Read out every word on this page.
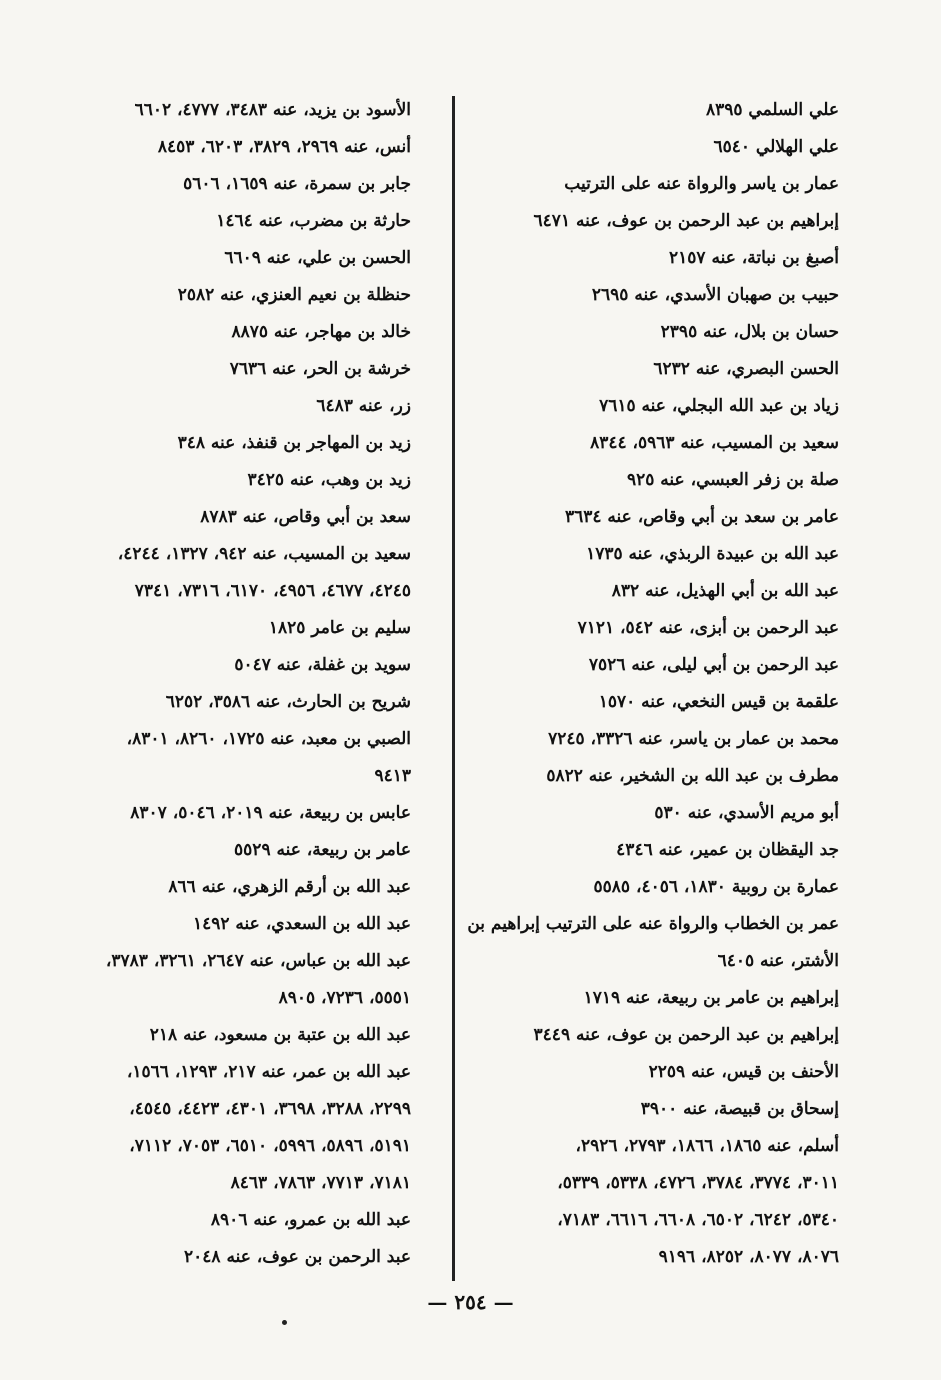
علي السلمي ٨٣٩٥
علي الهلالي ٦٥٤٠
عمار بن ياسر والرواة عنه على الترتيب
إبراهيم بن عبد الرحمن بن عوف، عنه ٦٤٧١
أصبغ بن نباتة، عنه ٢١٥٧
حبيب بن صهبان الأسدي، عنه ٢٦٩٥
حسان بن بلال، عنه ٢٣٩٥
الحسن البصري، عنه ٦٢٣٢
زياد بن عبد الله البجلي، عنه ٧٦١٥
سعيد بن المسيب، عنه ٥٩٦٣، ٨٣٤٤
صلة بن زفر العبسي، عنه ٩٢٥
عامر بن سعد بن أبي وقاص، عنه ٣٦٣٤
عبد الله بن عبيدة الربذي، عنه ١٧٣٥
عبد الله بن أبي الهذيل، عنه ٨٣٢
عبد الرحمن بن أبزى، عنه ٥٤٢، ٧١٢١
عبد الرحمن بن أبي ليلى، عنه ٧٥٢٦
علقمة بن قيس النخعي، عنه ١٥٧٠
محمد بن عمار بن ياسر، عنه ٣٣٢٦، ٧٢٤٥
مطرف بن عبد الله بن الشخير، عنه ٥٨٢٢
أبو مريم الأسدي، عنه ٥٣٠
جد اليقظان بن عمير، عنه ٤٣٤٦
عمارة بن روبية ١٨٣٠، ٤٠٥٦، ٥٥٨٥
عمر بن الخطاب والرواة عنه على الترتيب إبراهيم بن
الأشتر، عنه ٦٤٠٥
إبراهيم بن عامر بن ربيعة، عنه ١٧١٩
إبراهيم بن عبد الرحمن بن عوف، عنه ٣٤٤٩
الأحنف بن قيس، عنه ٢٢٥٩
إسحاق بن قبيصة، عنه ٣٩٠٠
أسلم، عنه ١٨٦٥، ١٨٦٦، ٢٧٩٣، ٢٩٢٦،
٣٠١١، ٣٧٧٤، ٣٧٨٤، ٤٧٢٦، ٥٣٣٨، ٥٣٣٩،
٥٣٤٠، ٦٢٤٢، ٦٥٠٢، ٦٦٠٨، ٦٦١٦، ٧١٨٣،
٨٠٧٦، ٨٠٧٧، ٨٢٥٢، ٩١٩٦
الأسود بن يزيد، عنه ٣٤٨٣، ٤٧٧٧، ٦٦٠٢
أنس، عنه ٢٩٦٩، ٣٨٢٩، ٦٢٠٣، ٨٤٥٣
جابر بن سمرة، عنه ١٦٥٩، ٥٦٠٦
حارثة بن مضرب، عنه ١٤٦٤
الحسن بن علي، عنه ٦٦٠٩
حنظلة بن نعيم العنزي، عنه ٢٥٨٢
خالد بن مهاجر، عنه ٨٨٧٥
خرشة بن الحر، عنه ٧٦٣٦
زر، عنه ٦٤٨٣
زيد بن المهاجر بن قنفذ، عنه ٣٤٨
زيد بن وهب، عنه ٣٤٢٥
سعد بن أبي وقاص، عنه ٨٧٨٣
سعيد بن المسيب، عنه ٩٤٢، ١٣٢٧، ٤٢٤٤،
٤٢٤٥، ٤٦٧٧، ٤٩٥٦، ٦١٧٠، ٧٣١٦، ٧٣٤١
سليم بن عامر ١٨٢٥
سويد بن غفلة، عنه ٥٠٤٧
شريح بن الحارث، عنه ٣٥٨٦، ٦٢٥٢
الصبي بن معبد، عنه ١٧٢٥، ٨٢٦٠، ٨٣٠١،
٩٤١٣
عابس بن ربيعة، عنه ٢٠١٩، ٥٠٤٦، ٨٣٠٧
عامر بن ربيعة، عنه ٥٥٢٩
عبد الله بن أرقم الزهري، عنه ٨٦٦
عبد الله بن السعدي، عنه ١٤٩٢
عبد الله بن عباس، عنه ٢٦٤٧، ٣٢٦١، ٣٧٨٣،
٥٥٥١، ٧٢٣٦، ٨٩٠٥
عبد الله بن عتبة بن مسعود، عنه ٢١٨
عبد الله بن عمر، عنه ٢١٧، ١٢٩٣، ١٥٦٦،
٢٢٩٩، ٣٢٨٨، ٣٦٩٨، ٤٣٠١، ٤٤٢٣، ٤٥٤٥،
٥١٩١، ٥٨٩٦، ٥٩٩٦، ٦٥١٠، ٧٠٥٣، ٧١١٢،
٧١٨١، ٧٧١٣، ٧٨٦٣، ٨٤٦٣
عبد الله بن عمرو، عنه ٨٩٠٦
عبد الرحمن بن عوف، عنه ٢٠٤٨
— ٢٥٤ —
